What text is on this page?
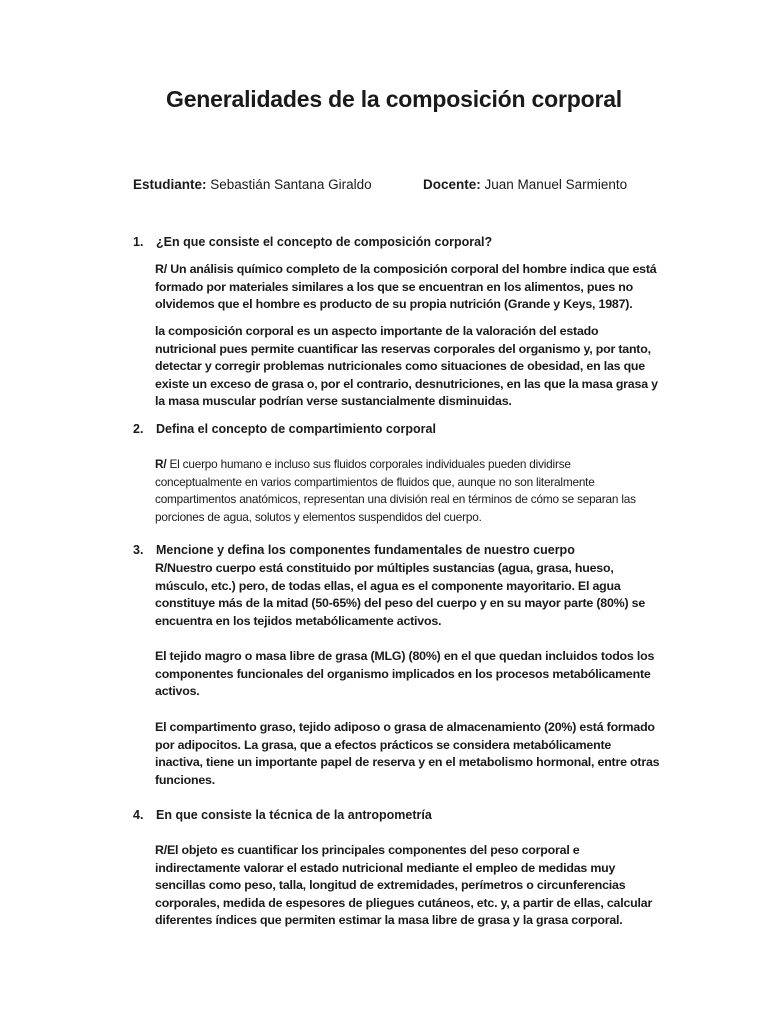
Generalidades de la composición corporal
Estudiante: Sebastián Santana Giraldo	Docente: Juan Manuel Sarmiento
1. ¿En que consiste el concepto de composición corporal?
R/ Un análisis químico completo de la composición corporal del hombre indica que está formado por materiales similares a los que se encuentran en los alimentos, pues no olvidemos que el hombre es producto de su propia nutrición (Grande y Keys, 1987).
la composición corporal es un aspecto importante de la valoración del estado nutricional pues permite cuantificar las reservas corporales del organismo y, por tanto, detectar y corregir problemas nutricionales como situaciones de obesidad, en las que existe un exceso de grasa o, por el contrario, desnutriciones, en las que la masa grasa y la masa muscular podrían verse sustancialmente disminuidas.
2. Defina el concepto de compartimiento corporal
R/ El cuerpo humano e incluso sus fluidos corporales individuales pueden dividirse conceptualmente en varios compartimientos de fluidos que, aunque no son literalmente compartimentos anatómicos, representan una división real en términos de cómo se separan las porciones de agua, solutos y elementos suspendidos del cuerpo.
3. Mencione y defina los componentes fundamentales de nuestro cuerpo
R/Nuestro cuerpo está constituido por múltiples sustancias (agua, grasa, hueso, músculo, etc.) pero, de todas ellas, el agua es el componente mayoritario. El agua constituye más de la mitad (50-65%) del peso del cuerpo y en su mayor parte (80%) se encuentra en los tejidos metabólicamente activos.
El tejido magro o masa libre de grasa (MLG) (80%) en el que quedan incluidos todos los componentes funcionales del organismo implicados en los procesos metabólicamente activos.
El compartimento graso, tejido adiposo o grasa de almacenamiento (20%) está formado por adipocitos. La grasa, que a efectos prácticos se considera metabólicamente inactiva, tiene un importante papel de reserva y en el metabolismo hormonal, entre otras funciones.
4. En que consiste la técnica de la antropometría
R/El objeto es cuantificar los principales componentes del peso corporal e indirectamente valorar el estado nutricional mediante el empleo de medidas muy sencillas como peso, talla, longitud de extremidades, perímetros o circunferencias corporales, medida de espesores de pliegues cutáneos, etc. y, a partir de ellas, calcular diferentes índices que permiten estimar la masa libre de grasa y la grasa corporal.
